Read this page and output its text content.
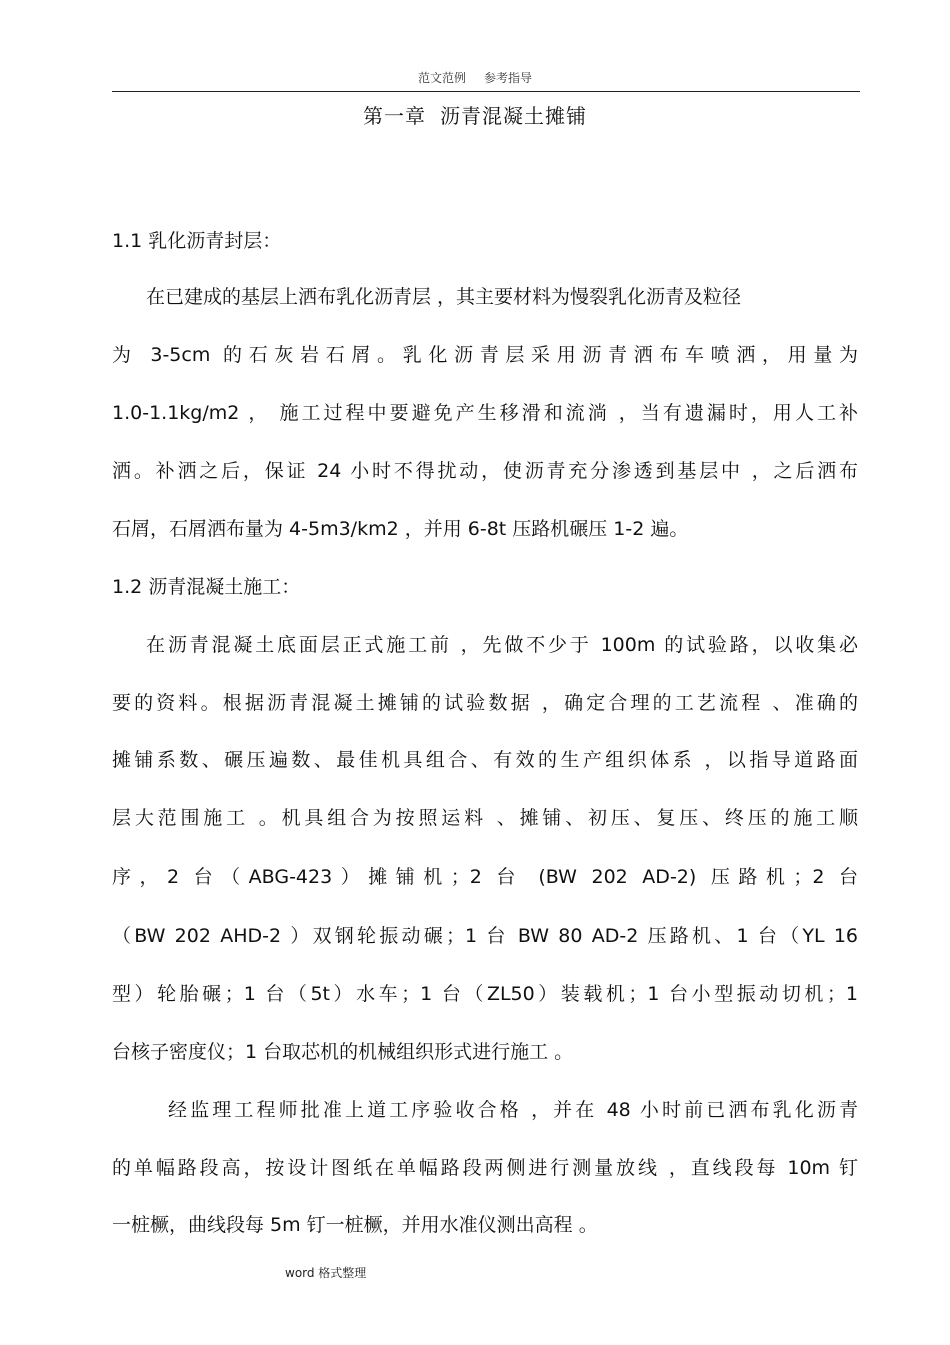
范文范例 参考指导
第一章 沥青混凝土摊铺
1.1 乳化沥青封层：
在已建成的基层上洒布乳化沥青层 ，其主要材料为慢裂乳化沥青及粒径
为 3-5cm 的石灰岩石屑。乳化沥青层采用沥青洒布车喷洒，用量为
1.0-1.1kg/m2 ， 施工过程中要避免产生移滑和流淌 ，当有遗漏时，用人工补
洒。补洒之后，保证 24 小时不得扰动，使沥青充分渗透到基层中 ，之后洒布
石屑，石屑洒布量为 4-5m3/km2 ，并用 6-8t 压路机碾压 1-2 遍。
1.2 沥青混凝土施工：
在沥青混凝土底面层正式施工前 ，先做不少于 100m 的试验路，以收集必
要的资料。根据沥青混凝土摊铺的试验数据 ，确定合理的工艺流程 、准确的
摊铺系数、碾压遍数、最佳机具组合、有效的生产组织体系 ，以指导道路面
层大范围施工 。机具组合为按照运料 、摊铺、初压、复压、终压的施工顺
序，2 台（ABG-423）摊铺机；2 台 (BW 202 AD-2) 压路机；2 台
（BW 202 AHD-2 ）双钢轮振动碾；1 台 BW 80 AD-2 压路机、1 台（YL 16
型）轮胎碾；1 台（5t）水车；1 台（ZL50）装载机；1 台小型振动切机；1
台核子密度仪；1 台取芯机的机械组织形式进行施工 。
经监理工程师批准上道工序验收合格 ，并在 48 小时前已洒布乳化沥青
的单幅路段高，按设计图纸在单幅路段两侧进行测量放线 ，直线段每 10m 钉
一桩橛，曲线段每 5m 钉一桩橛，并用水准仪测出高程 。
word 格式整理
